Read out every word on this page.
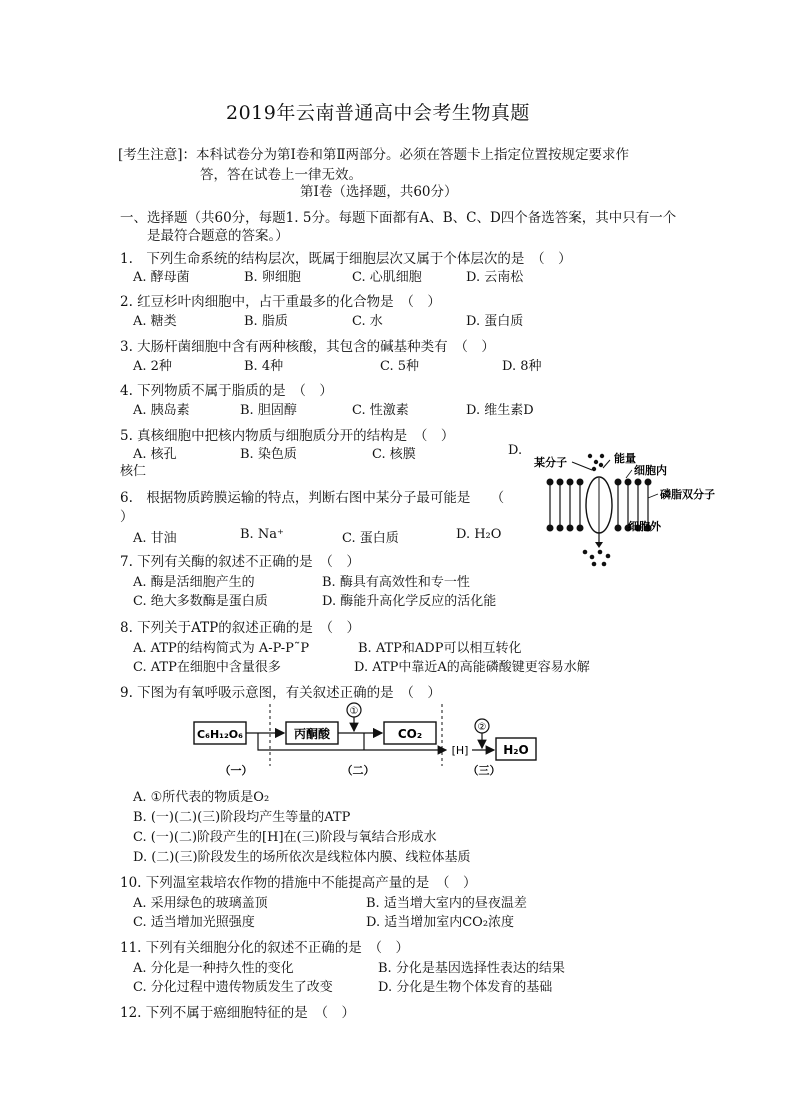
2019年云南普通高中会考生物真题
[考生注意]：本科试卷分为第Ⅰ卷和第Ⅱ两部分。必须在答题卡上指定位置按规定要求作
答，答在试卷上一律无效。
第Ⅰ卷（选择题，共60分）
一、选择题（共60分，每题1. 5分。每题下面都有A、B、C、D四个备选答案，其中只有一个
是最符合题意的答案。）
1.　下列生命系统的结构层次，既属于细胞层次又属于个体层次的是　（　）
A. 酵母菌	B. 卵细胞	C. 心肌细胞	D. 云南松
2. 红豆杉叶肉细胞中，占干重最多的化合物是　（　）
A. 糖类	B. 脂质	C. 水	D. 蛋白质
3. 大肠杆菌细胞中含有两种核酸，其包含的碱基种类有　（　）
A. 2种	B. 4种	C. 5种	D. 8种
4. 下列物质不属于脂质的是　（　）
A. 胰岛素	B. 胆固醇	C. 性激素	D. 维生素D
5. 真核细胞中把核内物质与细胞质分开的结构是　（　）
A. 核孔	B. 染色质	C. 核膜	D.
核仁
6.　根据物质跨膜运输的特点，判断右图中某分子最可能是　　（
）
A. 甘油	B. Na⁺	C. 蛋白质	D. H₂O
某分子	能量
细胞内
磷脂双分子
细胞外
7. 下列有关酶的叙述不正确的是　（　）
A. 酶是活细胞产生的	B. 酶具有高效性和专一性
C. 绝大多数酶是蛋白质	D. 酶能升高化学反应的活化能
8. 下列关于ATP的叙述正确的是　（　）
A. ATP的结构简式为 A-P-P˜P	B. ATP和ADP可以相互转化
C. ATP在细胞中含量很多	D. ATP中靠近A的高能磷酸键更容易水解
9. 下图为有氧呼吸示意图，有关叙述正确的是　（　）
C₆H₁₂O₆	丙酮酸
①
CO₂
[H]
②
H₂O
（一）	（二）	（三）
A. ①所代表的物质是O₂
B. (一)(二)(三)阶段均产生等量的ATP
C. (一)(二)阶段产生的[H]在(三)阶段与氧结合形成水
D. (二)(三)阶段发生的场所依次是线粒体内膜、线粒体基质
10. 下列温室栽培农作物的措施中不能提高产量的是　（　）
A. 采用绿色的玻璃盖顶	B. 适当增大室内的昼夜温差
C. 适当增加光照强度	D. 适当增加室内CO₂浓度
11. 下列有关细胞分化的叙述不正确的是　（　）
A. 分化是一种持久性的变化	B. 分化是基因选择性表达的结果
C. 分化过程中遗传物质发生了改变	D. 分化是生物个体发育的基础
12. 下列不属于癌细胞特征的是　（　）
